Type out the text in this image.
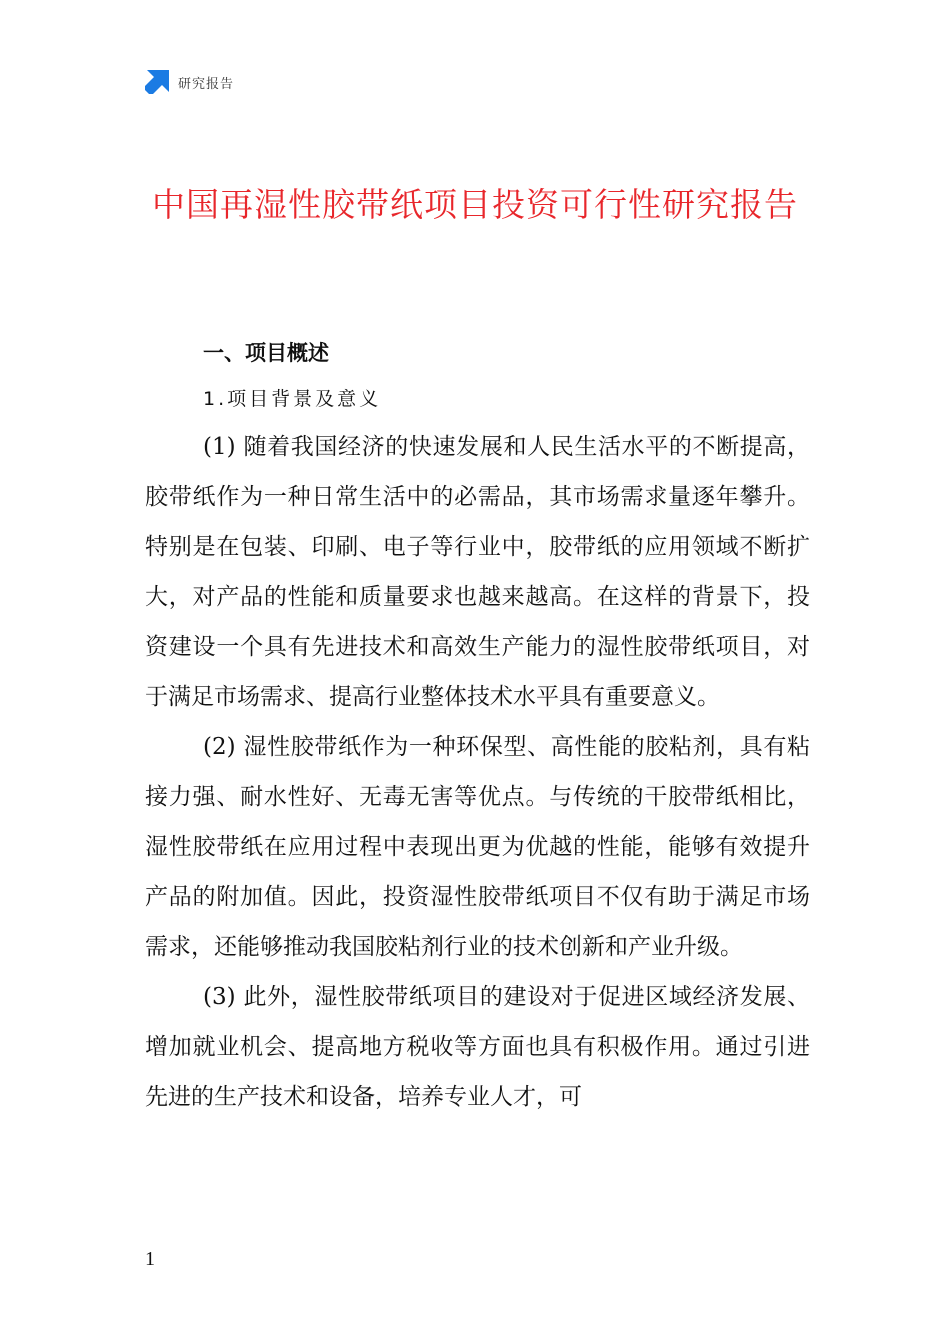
研究报告
中国再湿性胶带纸项目投资可行性研究报告

一、项目概述

1.项目背景及意义

(1) 随着我国经济的快速发展和人民生活水平的不断提高，胶带纸作为一种日常生活中的必需品，其市场需求量逐年攀升。特别是在包装、印刷、电子等行业中，胶带纸的应用领域不断扩大，对产品的性能和质量要求也越来越高。在这样的背景下，投资建设一个具有先进技术和高效生产能力的湿性胶带纸项目，对于满足市场需求、提高行业整体技术水平具有重要意义。

(2) 湿性胶带纸作为一种环保型、高性能的胶粘剂，具有粘接力强、耐水性好、无毒无害等优点。与传统的干胶带纸相比，湿性胶带纸在应用过程中表现出更为优越的性能，能够有效提升产品的附加值。因此，投资湿性胶带纸项目不仅有助于满足市场需求，还能够推动我国胶粘剂行业的技术创新和产业升级。

(3) 此外，湿性胶带纸项目的建设对于促进区域经济发展、增加就业机会、提高地方税收等方面也具有积极作用。通过引进先进的生产技术和设备，培养专业人才，可

1
